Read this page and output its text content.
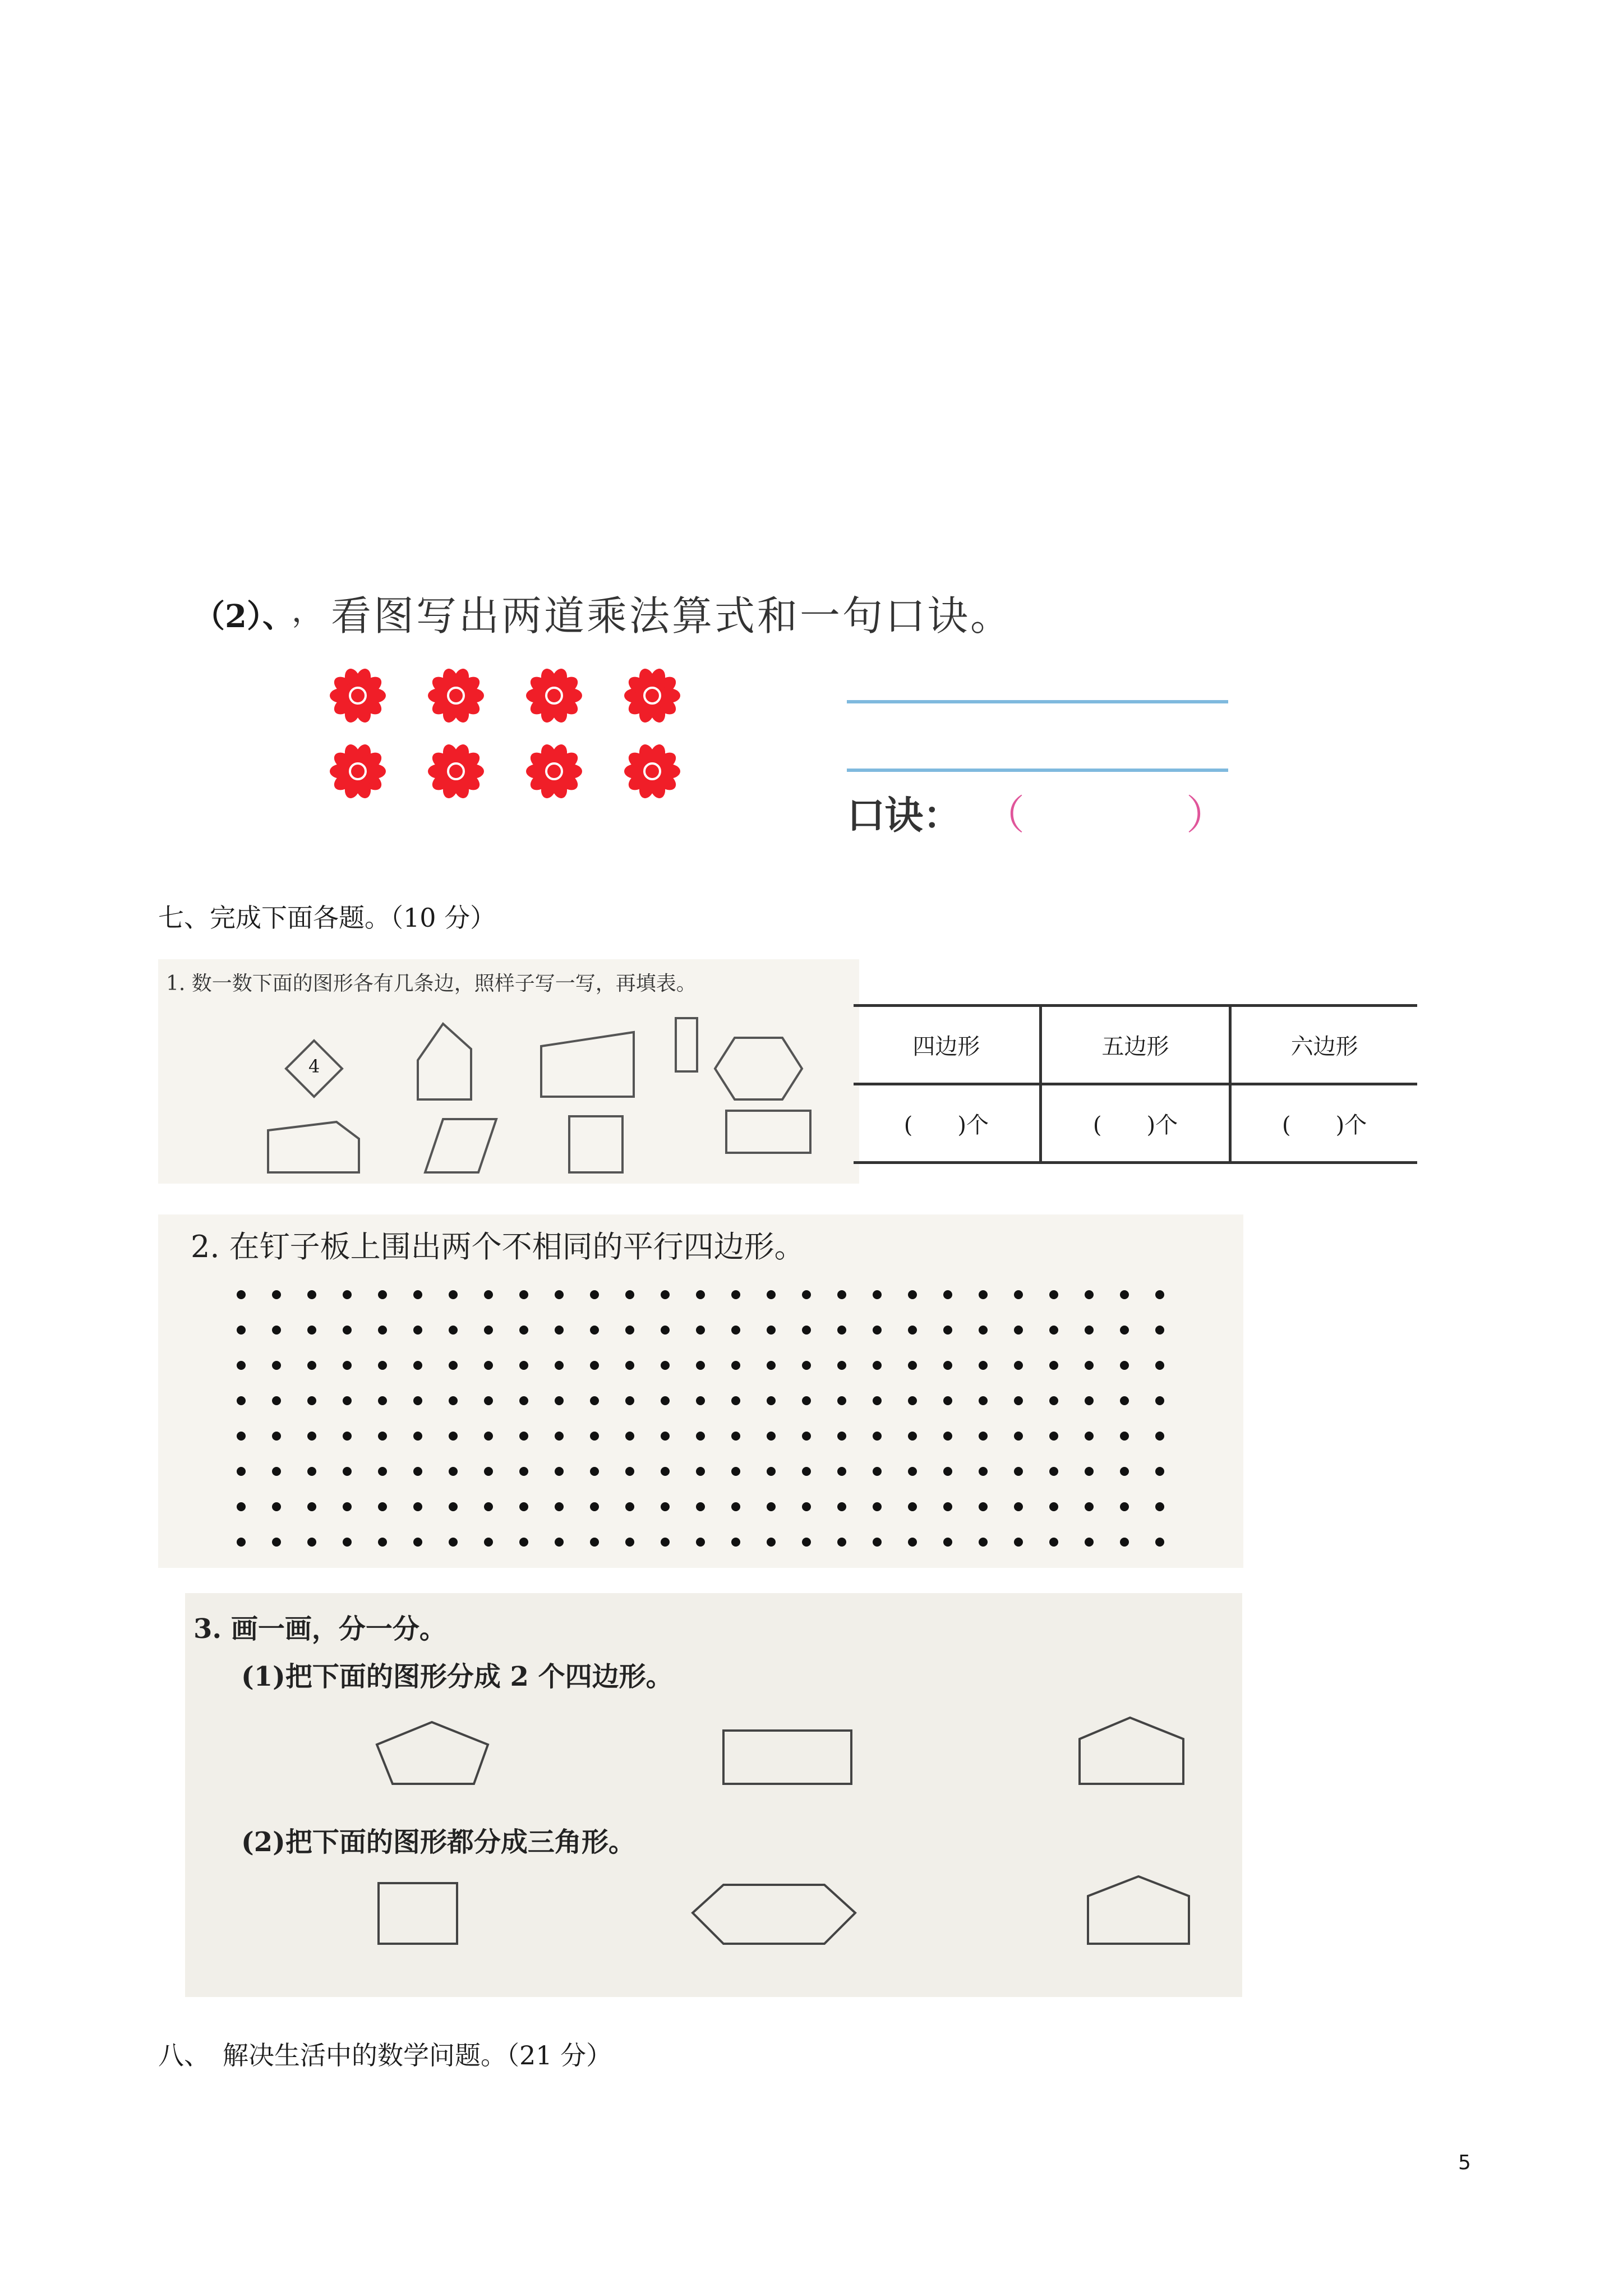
（2）、
， 看图写出两道乘法算式和一句口诀。
口诀： （	）
七、完成下面各题。（10 分）
1. 数一数下面的图形各有几条边，照样子写一写，再填表。
4
四边形	五边形	六边形
(　　)个	(　　)个	(　　)个
2. 在钉子板上围出两个不相同的平行四边形。
3. 画一画，分一分。
(1)把下面的图形分成 2 个四边形。
(2)把下面的图形都分成三角形。
八、　解决生活中的数学问题。（21 分）
5
